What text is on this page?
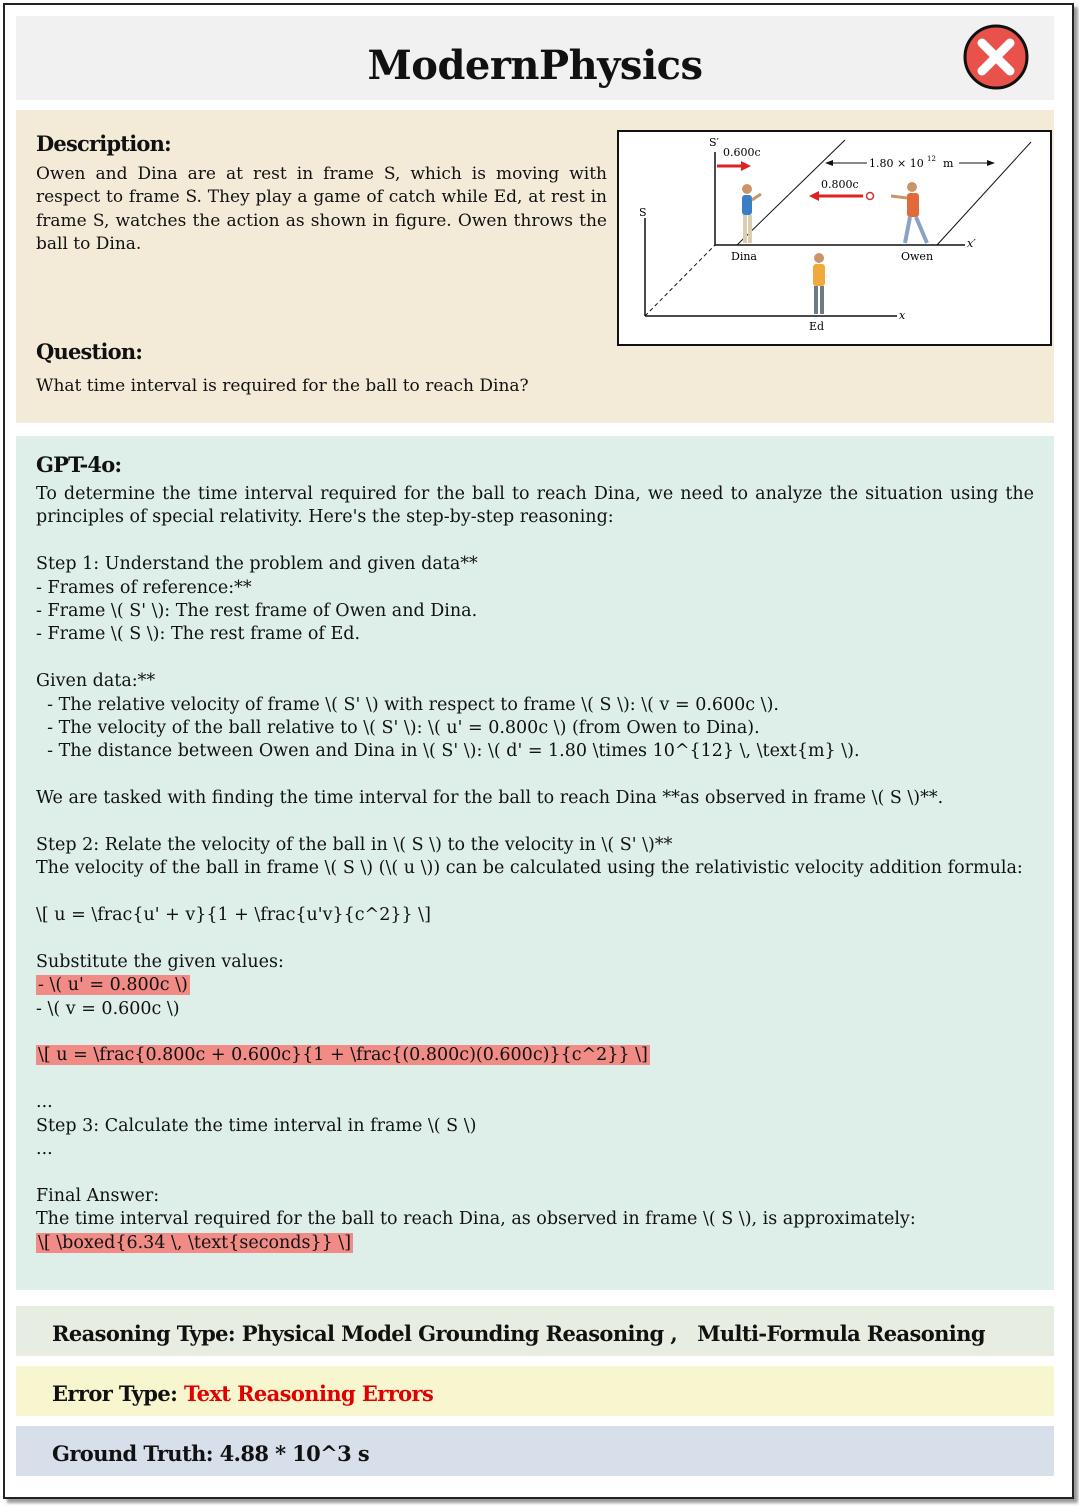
ModernPhysics
Description:
Owen and Dina are at rest in frame S, which is moving with respect to frame S. They play a game of catch while Ed, at rest in frame S, watches the action as shown in figure. Owen throws the ball to Dina.
Question:
What time interval is required for the ball to reach Dina?
S′
S
0.600c
0.800c
1.80 × 10 12 m
Dina	Owen
Ed
x′
x
GPT-4o:
To determine the time interval required for the ball to reach Dina, we need to analyze the situation using the principles of special relativity. Here's the step-by-step reasoning:
Step 1: Understand the problem and given data**
- Frames of reference:**
- Frame \( S' \): The rest frame of Owen and Dina.
- Frame \( S \): The rest frame of Ed.
Given data:**
- The relative velocity of frame \( S' \) with respect to frame \( S \): \( v = 0.600c \).
- The velocity of the ball relative to \( S' \): \( u' = 0.800c \) (from Owen to Dina).
- The distance between Owen and Dina in \( S' \): \( d' = 1.80 \times 10^{12} \, \text{m} \).
We are tasked with finding the time interval for the ball to reach Dina **as observed in frame \( S \)**.
Step 2: Relate the velocity of the ball in \( S \) to the velocity in \( S' \)**
The velocity of the ball in frame \( S \) (\( u \)) can be calculated using the relativistic velocity addition formula:
\[ u = \frac{u' + v}{1 + \frac{u'v}{c^2}} \]
Substitute the given values:
- \( u' = 0.800c \)
- \( v = 0.600c \)
\[ u = \frac{0.800c + 0.600c}{1 + \frac{(0.800c)(0.600c)}{c^2}} \]
...
Step 3: Calculate the time interval in frame \( S \)
...
Final Answer:
The time interval required for the ball to reach Dina, as observed in frame \( S \), is approximately:
\[ \boxed{6.34 \, \text{seconds}} \]
Reasoning Type: Physical Model Grounding Reasoning ,   Multi-Formula Reasoning
Error Type: Text Reasoning Errors
Ground Truth: 4.88 * 10^3 s
